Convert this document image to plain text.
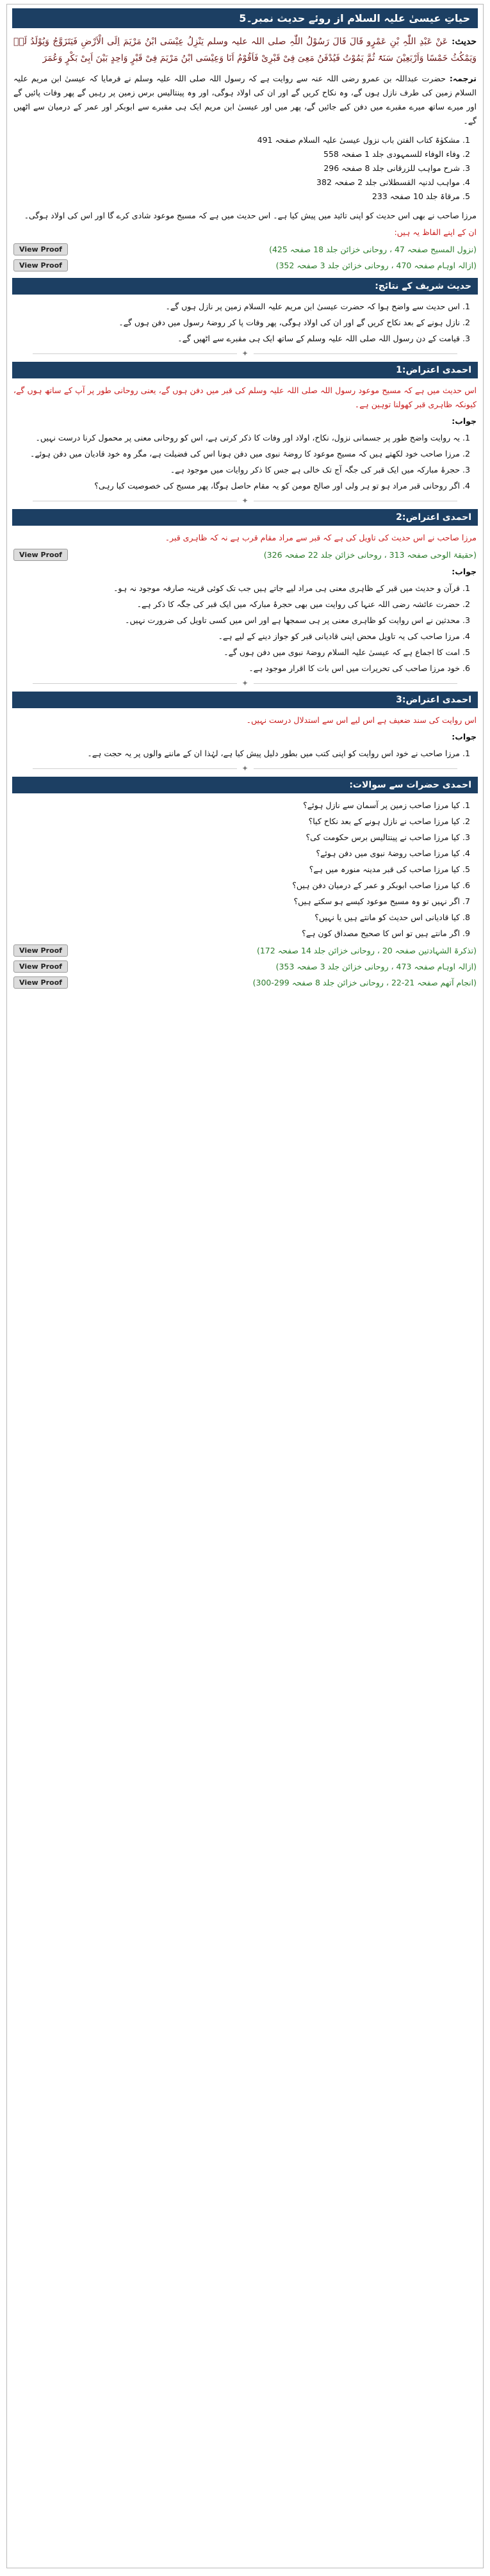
حیاتِ عیسیٰ علیہ السلام از روئے حدیث نمبر۔5
حدیث:عَنْ عَبْدِ اللّٰہِ بْنِ عَمْرٍو قَالَ قَالَ رَسُوْلُ اللّٰہِ صلی اللہ علیہ وسلم یَنْزِلُ عِیْسَی ابْنُ مَرْیَمَ اِلَی الْاَرْضِ فَیَتَزَوَّجُ وَیُوْلَدُ لَہٗ وَیَمْکُثُ خَمْسًا وَاَرْبَعِیْنَ سَنَۃً ثُمَّ یَمُوْتُ فَیُدْفَنُ مَعِیَ فِیْ قَبْرِیْ فَاَقُوْمُ اَنَا وَعِیْسَی ابْنُ مَرْیَمَ فِیْ قَبْرٍ وَاحِدٍ بَیْنَ اَبِیْ بَکْرٍ وَعُمَرَ
ترجمہ:حضرت عبداللہ بن عمرو رضی اللہ عنہ سے روایت ہے کہ رسول اللہ صلی اللہ علیہ وسلم نے فرمایا کہ عیسیٰ ابن مریم علیہ السلام زمین کی طرف نازل ہوں گے، وہ نکاح کریں گے اور ان کی اولاد ہوگی، اور وہ پینتالیس برس زمین پر رہیں گے پھر وفات پائیں گے اور میرے ساتھ میرے مقبرے میں دفن کیے جائیں گے، پھر میں اور عیسیٰ ابن مریم ایک ہی مقبرے سے ابوبکر اور عمر کے درمیان سے اٹھیں گے۔
1. مشکوٰۃ کتاب الفتن باب نزول عیسیٰ علیہ السلام صفحہ 491
2. وفاء الوفاء للسمہودی جلد 1 صفحہ 558
3. شرح مواہب للزرقانی جلد 8 صفحہ 296
4. مواہب لدنیہ القسطلانی جلد 2 صفحہ 382
5. مرقاۃ جلد 10 صفحہ 233
مرزا صاحب نے بھی اس حدیث کو اپنی تائید میں پیش کیا ہے۔ اس حدیث میں ہے کہ مسیح موعود شادی کرے گا اور اس کی اولاد ہوگی۔
ان کے اپنے الفاظ یہ ہیں:
(نزول المسیح صفحہ 47 ، روحانی خزائن جلد 18 صفحہ 425)
View Proof
(ازالہ اوہام صفحہ 470 ، روحانی خزائن جلد 3 صفحہ 352)
View Proof
حدیث شریف کے نتائج:
1. اس حدیث سے واضح ہوا کہ حضرت عیسیٰ ابن مریم علیہ السلام زمین پر نازل ہوں گے۔
2. نازل ہونے کے بعد نکاح کریں گے اور ان کی اولاد ہوگی، پھر وفات پا کر روضۂ رسول میں دفن ہوں گے۔
3. قیامت کے دن رسول اللہ صلی اللہ علیہ وسلم کے ساتھ ایک ہی مقبرے سے اٹھیں گے۔
✦
احمدی اعتراض:1
اس حدیث میں ہے کہ مسیح موعود رسول اللہ صلی اللہ علیہ وسلم کی قبر میں دفن ہوں گے، یعنی روحانی طور پر آپ کے ساتھ ہوں گے، کیونکہ ظاہری قبر کھولنا توہین ہے۔
جواب:
1. یہ روایت واضح طور پر جسمانی نزول، نکاح، اولاد اور وفات کا ذکر کرتی ہے، اس کو روحانی معنی پر محمول کرنا درست نہیں۔
2. مرزا صاحب خود لکھتے ہیں کہ مسیح موعود کا روضۂ نبوی میں دفن ہونا اس کی فضیلت ہے، مگر وہ خود قادیان میں دفن ہوئے۔
3. حجرۂ مبارکہ میں ایک قبر کی جگہ آج تک خالی ہے جس کا ذکر روایات میں موجود ہے۔
4. اگر روحانی قبر مراد ہو تو ہر ولی اور صالح مومن کو یہ مقام حاصل ہوگا، پھر مسیح کی خصوصیت کیا رہی؟
✦
احمدی اعتراض:2
مرزا صاحب نے اس حدیث کی تاویل کی ہے کہ قبر سے مراد مقام قرب ہے نہ کہ ظاہری قبر۔
(حقیقۃ الوحی صفحہ 313 ، روحانی خزائن جلد 22 صفحہ 326)
View Proof
جواب:
1. قرآن و حدیث میں قبر کے ظاہری معنی ہی مراد لیے جاتے ہیں جب تک کوئی قرینہ صارفہ موجود نہ ہو۔
2. حضرت عائشہ رضی اللہ عنہا کی روایت میں بھی حجرۂ مبارکہ میں ایک قبر کی جگہ کا ذکر ہے۔
3. محدثین نے اس روایت کو ظاہری معنی پر ہی سمجھا ہے اور اس میں کسی تاویل کی ضرورت نہیں۔
4. مرزا صاحب کی یہ تاویل محض اپنی قادیانی قبر کو جواز دینے کے لیے ہے۔
5. امت کا اجماع ہے کہ عیسیٰ علیہ السلام روضۂ نبوی میں دفن ہوں گے۔
6. خود مرزا صاحب کی تحریرات میں اس بات کا اقرار موجود ہے۔
✦
احمدی اعتراض:3
اس روایت کی سند ضعیف ہے اس لیے اس سے استدلال درست نہیں۔
جواب:
1. مرزا صاحب نے خود اس روایت کو اپنی کتب میں بطور دلیل پیش کیا ہے، لہٰذا ان کے ماننے والوں پر یہ حجت ہے۔
✦
احمدی حضرات سے سوالات:
1. کیا مرزا صاحب زمین پر آسمان سے نازل ہوئے؟
2. کیا مرزا صاحب نے نازل ہونے کے بعد نکاح کیا؟
3. کیا مرزا صاحب نے پینتالیس برس حکومت کی؟
4. کیا مرزا صاحب روضۂ نبوی میں دفن ہوئے؟
5. کیا مرزا صاحب کی قبر مدینہ منورہ میں ہے؟
6. کیا مرزا صاحب ابوبکر و عمر کے درمیان دفن ہیں؟
7. اگر نہیں تو وہ مسیح موعود کیسے ہو سکتے ہیں؟
8. کیا قادیانی اس حدیث کو مانتے ہیں یا نہیں؟
9. اگر مانتے ہیں تو اس کا صحیح مصداق کون ہے؟
(تذکرۃ الشہادتین صفحہ 20 ، روحانی خزائن جلد 14 صفحہ 172)
View Proof
(ازالہ اوہام صفحہ 473 ، روحانی خزائن جلد 3 صفحہ 353)
View Proof
(انجام آتھم صفحہ 21-22 ، روحانی خزائن جلد 8 صفحہ 299-300)
View Proof
